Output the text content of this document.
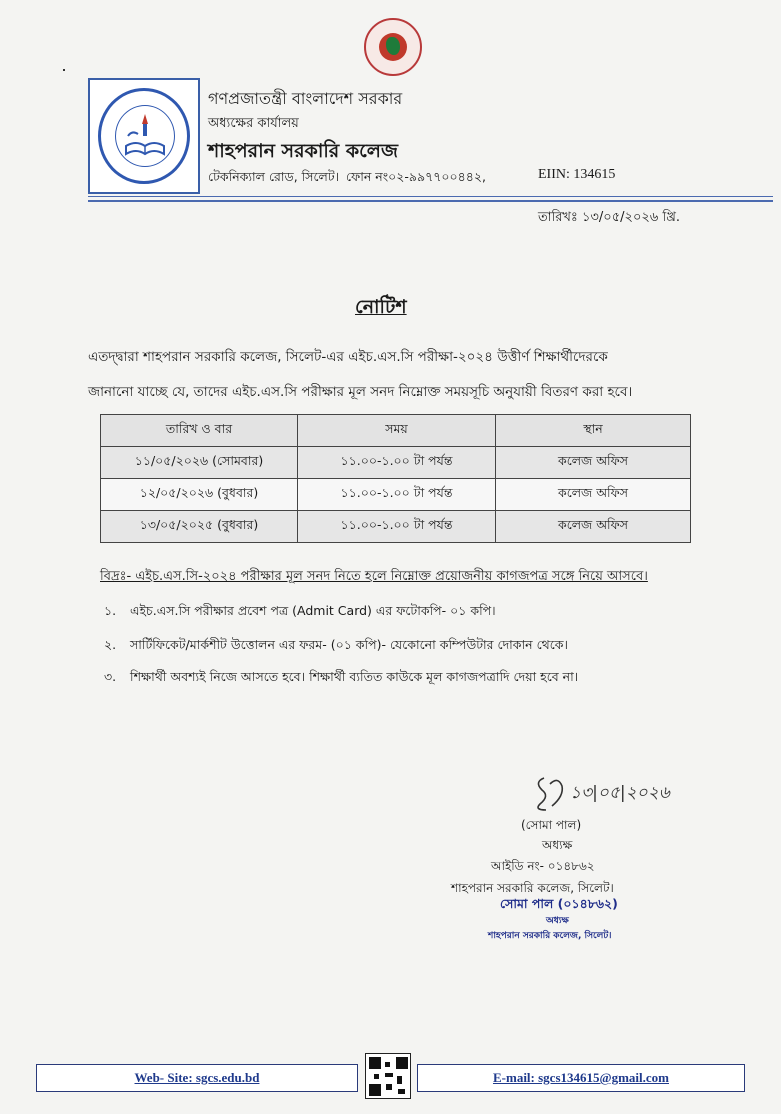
গণপ্রজাতন্ত্রী বাংলাদেশ সরকার
অধ্যক্ষের কার্যালয়
শাহপরান সরকারি কলেজ
টেকনিক্যাল রোড, সিলেট। ফোন নং০২-৯৯৭৭০০৪৪২,	EIIN: 134615
তারিখঃ ১৩/০৫/২০২৬ খ্রি.
নোটিশ
এতদ্দ্বারা শাহপরান সরকারি কলেজ, সিলেট-এর এইচ.এস.সি পরীক্ষা-২০২৪ উত্তীর্ণ শিক্ষার্থীদেরকে
জানানো যাচ্ছে যে, তাদের এইচ.এস.সি পরীক্ষার মূল সনদ নিম্নোক্ত সময়সূচি অনুযায়ী বিতরণ করা হবে।
তারিখ ও বার	সময়	স্থান
১১/০৫/২০২৬ (সোমবার)	১১.০০-১.০০ টা পর্যন্ত	কলেজ অফিস
১২/০৫/২০২৬ (বুধবার)	১১.০০-১.০০ টা পর্যন্ত	কলেজ অফিস
১৩/০৫/২০২৫ (বুধবার)	১১.০০-১.০০ টা পর্যন্ত	কলেজ অফিস
বিদ্রঃ- এইচ.এস.সি-২০২৪ পরীক্ষার মূল সনদ নিতে হলে নিম্নোক্ত প্রয়োজনীয় কাগজপত্র সঙ্গে নিয়ে আসবে।
১. এইচ.এস.সি পরীক্ষার প্রবেশ পত্র (Admit Card) এর ফটোকপি- ০১ কপি।
২. সার্টিফিকেট/মার্কশীট উত্তোলন এর ফরম- (০১ কপি)- যেকোনো কম্পিউটার দোকান থেকে।
৩. শিক্ষার্থী অবশ্যই নিজে আসতে হবে। শিক্ষার্থী ব্যতিত কাউকে মূল কাগজপত্রাদি দেয়া হবে না।
১৩|০৫|২০২৬
(সোমা পাল)
অধ্যক্ষ
আইডি নং- ০১৪৮৬২
শাহপরান সরকারি কলেজ, সিলেট।
সোমা পাল (০১৪৮৬২)
অধ্যক্ষ
শাহপরান সরকারি কলেজ, সিলেট।
Web- Site: sgcs.edu.bd	E-mail: sgcs134615@gmail.com
